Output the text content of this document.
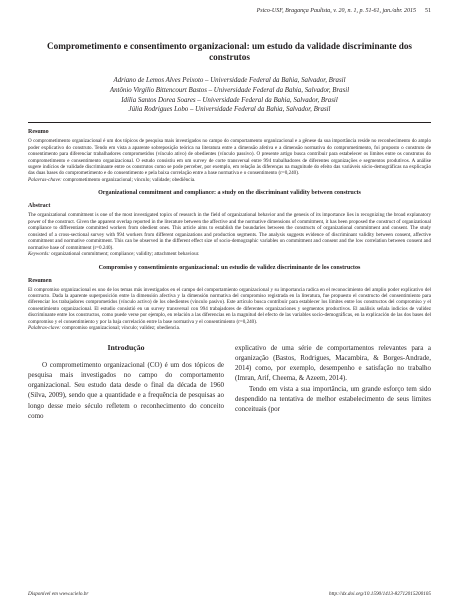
Psico-USF, Bragança Paulista, v. 20, n. 1, p. 51-61, jan./abr. 2015 51
Comprometimento e consentimento organizacional: um estudo da validade discriminante dos construtos
Adriano de Lemos Alves Peixoto – Universidade Federal da Bahia, Salvador, Brasil
Antônio Virgílio Bittencourt Bastos – Universidade Federal da Bahia, Salvador, Brasil
Idília Santos Dorea Soares – Universidade Federal da Bahia, Salvador, Brasil
Júlia Rodrigues Lobo – Universidade Federal da Bahia, Salvador, Brasil
Resumo
O comprometimento organizacional é um dos tópicos de pesquisa mais investigados no campo do comportamento organizacional e a gênese da sua importância reside no reconhecimento do amplo poder explicativo do construto. Tendo em vista a aparente sobreposição teórica na literatura entre a dimensão afetiva e a dimensão normativa do comprometimento, foi proposto o construto de consentimento para diferenciar trabalhadores comprometidos (vínculo ativo) de obedientes (vínculo passivo). O presente artigo busca contribuir para estabelecer os limites entre os construtos do comprometimento e consentimento organizacional. O estudo consistiu em um survey de corte transversal entre 994 trabalhadores de diferentes organizações e segmentos produtivos. A análise sugere indícios de validade discriminante entre os construtos como se pode perceber, por exemplo, em relação às diferenças na magnitude do efeito das variáveis sócio-demográficas na explicação das duas bases do comprometimento e do consentimento e pela baixa correlação entre a base normativa e o consentimento (r=0,240).
Palavras-chave: comprometimento organizacional; vínculo; validade; obediência.
Organizational commitment and compliance: a study on the discriminant validity between constructs
Abstract
The organizational commitment is one of the most investigated topics of research in the field of organizational behavior and the genesis of its importance lies in recognizing the broad explanatory power of the construct. Given the apparent overlap reported in the literature between the affective and the normative dimensions of commitment, it has been proposed the construct of organizational compliance to differentiate committed workers from obedient ones. This article aims to establish the boundaries between the constructs of organizational commitment and consent. The study consisted of a cross-sectional survey with 994 workers from different organizations and production segments. The analysis suggests evidence of discriminant validity between consent, affective commitment and normative commitment. This can be observed in the different effect size of socio-demographic variables on commitment and consent and the low correlation between consent and normative base of commitment (r=0.240).
Keywords: organizational commitment; compliance; validity; attachment behaviour.
Compromiso y consentimiento organizacional: un estudio de validez discriminante de los constructos
Resumen
El compromiso organizacional es uno de los temas más investigados en el campo del comportamiento organizacional y su importancia radica en el reconocimiento del amplio poder explicativo del constructo. Dada la aparente superposición entre la dimensión afectiva y la dimensión normativa del compromiso registrada en la literatura, fue propuesto el constructo del consentimiento para diferenciar los trabajadores comprometidos (vínculo activo) de los obedientes (vínculo pasivo). Este artículo busca contribuir para establecer los límites entre los constructos del compromiso y el consentimiento organizacional. El estudio consistió en un survey transversal con 994 trabajadores de diferentes organizaciones y segmentos productivos. El análisis señala indicios de validez discriminante entre los constructos, como puede verse por ejemplo, en relación a las diferencias en la magnitud del efecto de las variables socio-demográficas, en la explicación de las dos bases del compromiso y el consentimiento y por la baja correlación entre la base normativa y el consentimiento (r=0,240).
Palabras-clave: compromiso organizacional; vínculo; validez; obediencia.
Introdução

O comprometimento organizacional (CO) é um dos tópicos de pesquisa mais investigados no campo do comportamento organizacional. Seu estudo data desde o final da década de 1960 (Silva, 2009), sendo que a quantidade e a frequência de pesquisas ao longo desse meio século refletem o reconhecimento do conceito como

explicativo de uma série de comportamentos relevantes para a organização (Bastos, Rodrigues, Macambira, & Borges-Andrade, 2014) como, por exemplo, desempenho e satisfação no trabalho (Imran, Arif, Cheema, & Azeem, 2014).

Tendo em vista a sua importância, um grande esforço tem sido despendido na tentativa de melhor estabelecimento de seus limites conceituais (por

Disponível em www.scielo.br	http://dx.doi.org/10.1590/1413-82712015200105
